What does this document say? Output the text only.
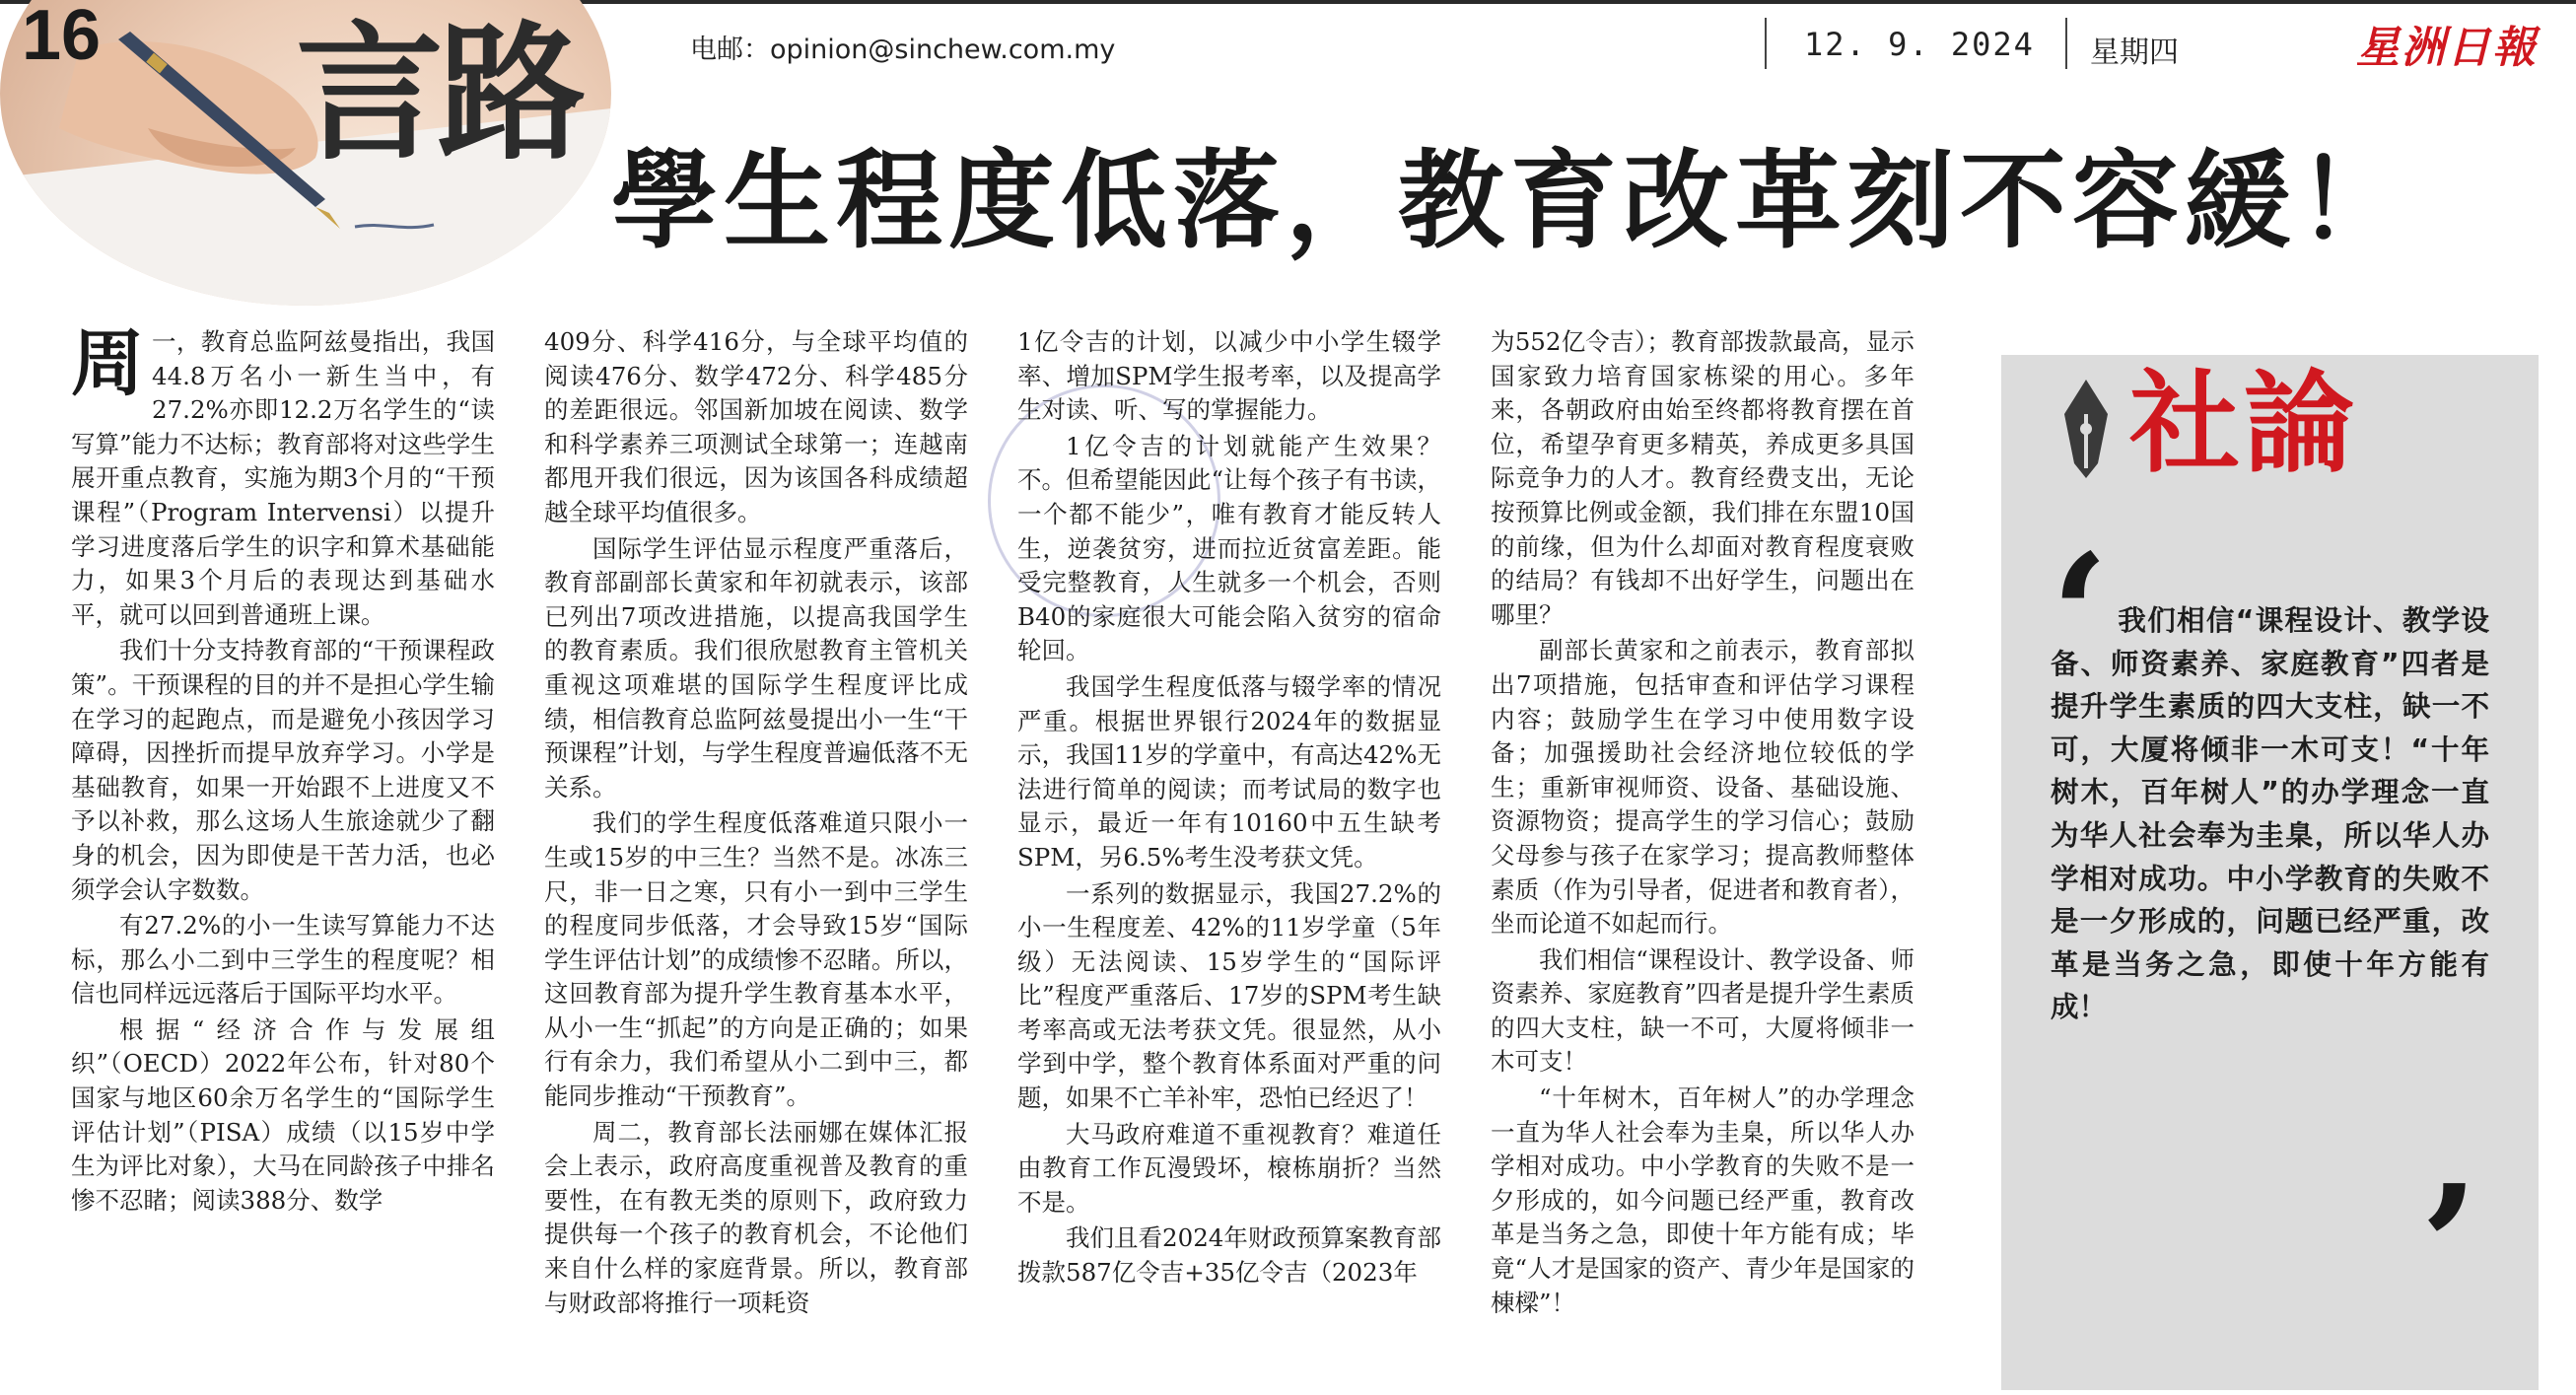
电邮：opinion@sinchew.com.my	12. 9. 2024 星期四	星洲日報
16 言路
學生程度低落，教育改革刻不容緩！

周一，教育总监阿兹曼指出，我国44.8万名小一新生当中，有27.2%亦即12.2万名学生的“读写算”能力不达标；教育部将对这些学生展开重点教育，实施为期3个月的“干预课程”（Program Intervensi）以提升学习进度落后学生的识字和算术基础能力，如果3个月后的表现达到基础水平，就可以回到普通班上课。

我们十分支持教育部的“干预课程政策”。干预课程的目的并不是担心学生输在学习的起跑点，而是避免小孩因学习障碍，因挫折而提早放弃学习。小学是基础教育，如果一开始跟不上进度又不予以补救，那么这场人生旅途就少了翻身的机会，因为即使是干苦力活，也必须学会认字数数。

有27.2%的小一生读写算能力不达标，那么小二到中三学生的程度呢？相信也同样远远落后于国际平均水平。

根据“经济合作与发展组织”（OECD）2022年公布，针对80个国家与地区60余万名学生的“国际学生评估计划”（PISA）成绩（以15岁中学生为评比对象），大马在同龄孩子中排名惨不忍睹；阅读388分、数学

409分、科学416分，与全球平均值的阅读476分、数学472分、科学485分的差距很远。邻国新加坡在阅读、数学和科学素养三项测试全球第一；连越南都甩开我们很远，因为该国各科成绩超越全球平均值很多。

国际学生评估显示程度严重落后，教育部副部长黄家和年初就表示，该部已列出7项改进措施，以提高我国学生的教育素质。我们很欣慰教育主管机关重视这项难堪的国际学生程度评比成绩，相信教育总监阿兹曼提出小一生“干预课程”计划，与学生程度普遍低落不无关系。

我们的学生程度低落难道只限小一生或15岁的中三生？当然不是。冰冻三尺，非一日之寒，只有小一到中三学生的程度同步低落，才会导致15岁“国际学生评估计划”的成绩惨不忍睹。所以，这回教育部为提升学生教育基本水平，从小一生“抓起”的方向是正确的；如果行有余力，我们希望从小二到中三，都能同步推动“干预教育”。

周二，教育部长法丽娜在媒体汇报会上表示，政府高度重视普及教育的重要性，在有教无类的原则下，政府致力提供每一个孩子的教育机会，不论他们来自什么样的家庭背景。所以，教育部与财政部将推行一项耗资

1亿令吉的计划，以减少中小学生辍学率、增加SPM学生报考率，以及提高学生对读、听、写的掌握能力。

1亿令吉的计划就能产生效果？不。但希望能因此“让每个孩子有书读，一个都不能少”，唯有教育才能反转人生，逆袭贫穷，进而拉近贫富差距。能受完整教育，人生就多一个机会，否则B40的家庭很大可能会陷入贫穷的宿命轮回。

我国学生程度低落与辍学率的情况严重。根据世界银行2024年的数据显示，我国11岁的学童中，有高达42%无法进行简单的阅读；而考试局的数字也显示，最近一年有10160中五生缺考SPM，另6.5%考生没考获文凭。

一系列的数据显示，我国27.2%的小一生程度差、42%的11岁学童（5年级）无法阅读、15岁学生的“国际评比”程度严重落后、17岁的SPM考生缺考率高或无法考获文凭。很显然，从小学到中学，整个教育体系面对严重的问题，如果不亡羊补牢，恐怕已经迟了！

大马政府难道不重视教育？难道任由教育工作瓦漫毁坏，榱栋崩折？当然不是。

我们且看2024年财政预算案教育部拨款587亿令吉+35亿令吉（2023年

为552亿令吉）；教育部拨款最高，显示国家致力培育国家栋梁的用心。多年来，各朝政府由始至终都将教育摆在首位，希望孕育更多精英，养成更多具国际竞争力的人才。教育经费支出，无论按预算比例或金额，我们排在东盟10国的前缘，但为什么却面对教育程度衰败的结局？有钱却不出好学生，问题出在哪里？

副部长黄家和之前表示，教育部拟出7项措施，包括审查和评估学习课程内容；鼓励学生在学习中使用数字设备；加强援助社会经济地位较低的学生；重新审视师资、设备、基础设施、资源物资；提高学生的学习信心；鼓励父母参与孩子在家学习；提高教师整体素质（作为引导者，促进者和教育者），坐而论道不如起而行。

我们相信“课程设计、教学设备、师资素养、家庭教育”四者是提升学生素质的四大支柱，缺一不可，大厦将倾非一木可支！

“十年树木，百年树人”的办学理念一直为华人社会奉为圭臬，所以华人办学相对成功。中小学教育的失败不是一夕形成的，如今问题已经严重，教育改革是当务之急，即使十年方能有成；毕竟“人才是国家的资产、青少年是国家的棟樑”！

社論
‘ 我们相信“课程设计、教学设备、师资素养、家庭教育”四者是提升学生素质的四大支柱，缺一不可，大厦将倾非一木可支！“十年树木，百年树人”的办学理念一直为华人社会奉为圭臬，所以华人办学相对成功。中小学教育的失败不是一夕形成的，问题已经严重，改革是当务之急，即使十年方能有成！
’
